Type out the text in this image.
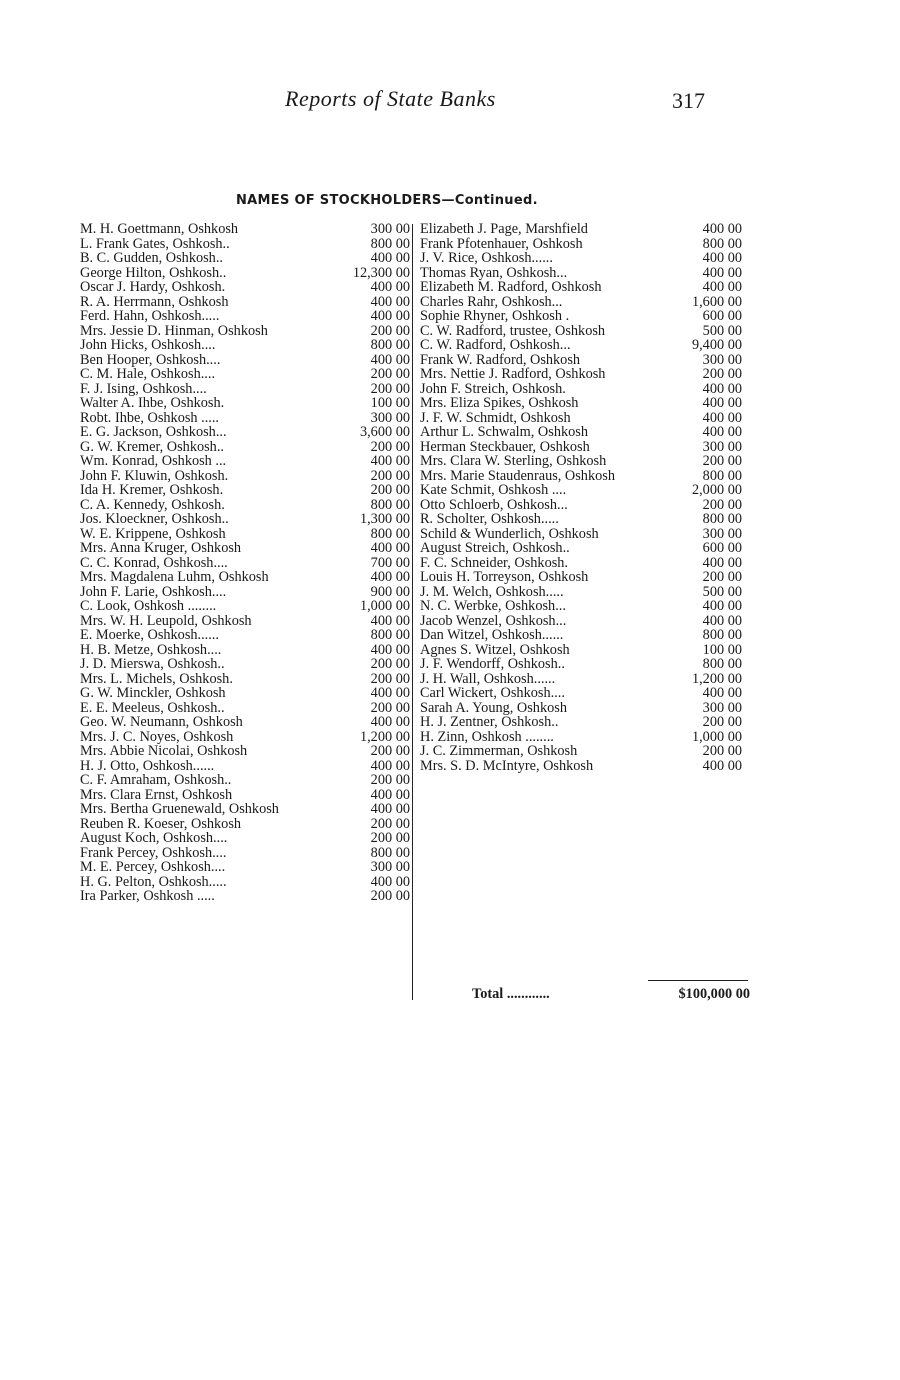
Reports of State Banks	317
NAMES OF STOCKHOLDERS—Continued.
M. H. Goettmann, Oshkosh	300 00
L. Frank Gates, Oshkosh..	800 00
B. C. Gudden, Oshkosh..	400 00
George Hilton, Oshkosh..	12,300 00
Oscar J. Hardy, Oshkosh.	400 00
R. A. Herrmann, Oshkosh	400 00
Ferd. Hahn, Oshkosh.....	400 00
Mrs. Jessie D. Hinman, Oshkosh	200 00
John Hicks, Oshkosh....	800 00
Ben Hooper, Oshkosh....	400 00
C. M. Hale, Oshkosh....	200 00
F. J. Ising, Oshkosh....	200 00
Walter A. Ihbe, Oshkosh.	100 00
Robt. Ihbe, Oshkosh .....	300 00
E. G. Jackson, Oshkosh...	3,600 00
G. W. Kremer, Oshkosh..	200 00
Wm. Konrad, Oshkosh ...	400 00
John F. Kluwin, Oshkosh.	200 00
Ida H. Kremer, Oshkosh.	200 00
C. A. Kennedy, Oshkosh.	800 00
Jos. Kloeckner, Oshkosh..	1,300 00
W. E. Krippene, Oshkosh	800 00
Mrs. Anna Kruger, Oshkosh	400 00
C. C. Konrad, Oshkosh....	700 00
Mrs. Magdalena Luhm, Oshkosh	400 00
John F. Larie, Oshkosh....	900 00
C. Look, Oshkosh ........	1,000 00
Mrs. W. H. Leupold, Oshkosh	400 00
E. Moerke, Oshkosh......	800 00
H. B. Metze, Oshkosh....	400 00
J. D. Mierswa, Oshkosh..	200 00
Mrs. L. Michels, Oshkosh.	200 00
G. W. Minckler, Oshkosh	400 00
E. E. Meeleus, Oshkosh..	200 00
Geo. W. Neumann, Oshkosh	400 00
Mrs. J. C. Noyes, Oshkosh	1,200 00
Mrs. Abbie Nicolai, Oshkosh	200 00
H. J. Otto, Oshkosh......	400 00
C. F. Amraham, Oshkosh..	200 00
Mrs. Clara Ernst, Oshkosh	400 00
Mrs. Bertha Gruenewald, Oshkosh	400 00
Reuben R. Koeser, Oshkosh	200 00
August Koch, Oshkosh....	200 00
Frank Percey, Oshkosh....	800 00
M. E. Percey, Oshkosh....	300 00
H. G. Pelton, Oshkosh.....	400 00
Ira Parker, Oshkosh .....	200 00
Elizabeth J. Page, Marshfield	400 00
Frank Pfotenhauer, Oshkosh	800 00
J. V. Rice, Oshkosh......	400 00
Thomas Ryan, Oshkosh...	400 00
Elizabeth M. Radford, Oshkosh	400 00
Charles Rahr, Oshkosh...	1,600 00
Sophie Rhyner, Oshkosh .	600 00
C. W. Radford, trustee, Oshkosh	500 00
C. W. Radford, Oshkosh...	9,400 00
Frank W. Radford, Oshkosh	300 00
Mrs. Nettie J. Radford, Oshkosh	200 00
John F. Streich, Oshkosh.	400 00
Mrs. Eliza Spikes, Oshkosh	400 00
J. F. W. Schmidt, Oshkosh	400 00
Arthur L. Schwalm, Oshkosh	400 00
Herman Steckbauer, Oshkosh	300 00
Mrs. Clara W. Sterling, Oshkosh	200 00
Mrs. Marie Staudenraus, Oshkosh	800 00
Kate Schmit, Oshkosh ....	2,000 00
Otto Schloerb, Oshkosh...	200 00
R. Scholter, Oshkosh.....	800 00
Schild & Wunderlich, Oshkosh	300 00
August Streich, Oshkosh..	600 00
F. C. Schneider, Oshkosh.	400 00
Louis H. Torreyson, Oshkosh	200 00
J. M. Welch, Oshkosh.....	500 00
N. C. Werbke, Oshkosh...	400 00
Jacob Wenzel, Oshkosh...	400 00
Dan Witzel, Oshkosh......	800 00
Agnes S. Witzel, Oshkosh	100 00
J. F. Wendorff, Oshkosh..	800 00
J. H. Wall, Oshkosh......	1,200 00
Carl Wickert, Oshkosh....	400 00
Sarah A. Young, Oshkosh	300 00
H. J. Zentner, Oshkosh..	200 00
H. Zinn, Oshkosh ........	1,000 00
J. C. Zimmerman, Oshkosh	200 00
Mrs. S. D. McIntyre, Oshkosh	400 00
Total ............	$100,000 00
